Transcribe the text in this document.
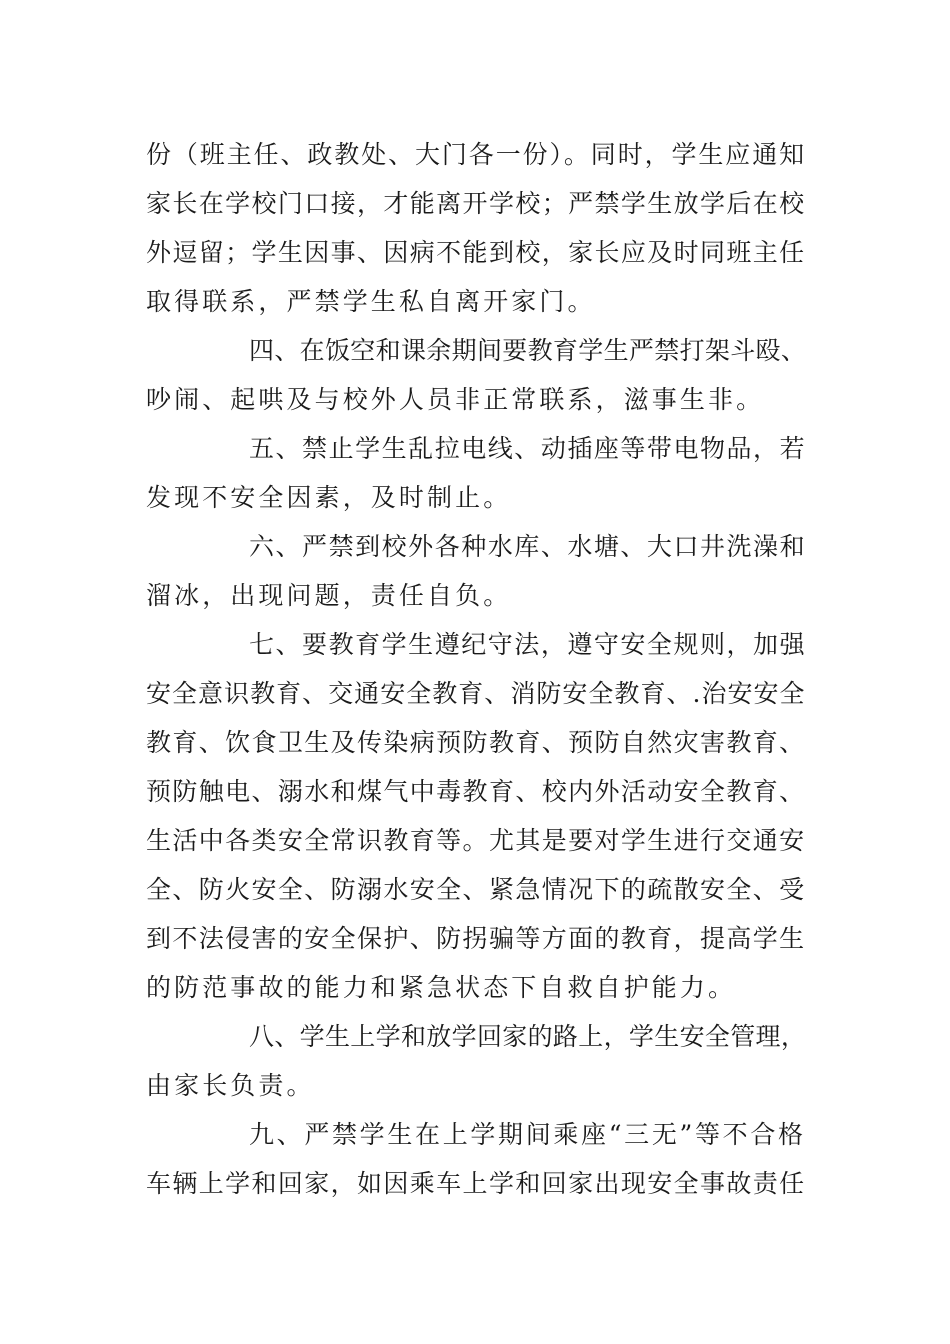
份（班主任、政教处、大门各一份）。同时，学生应通知
家长在学校门口接，才能离开学校；严禁学生放学后在校
外逗留；学生因事、因病不能到校，家长应及时同班主任
取得联系，严禁学生私自离开家门。
四、在饭空和课余期间要教育学生严禁打架斗殴、
吵闹、起哄及与校外人员非正常联系，滋事生非。
五、禁止学生乱拉电线、动插座等带电物品，若
发现不安全因素，及时制止。
六、严禁到校外各种水库、水塘、大口井洗澡和
溜冰，出现问题，责任自负。
七、要教育学生遵纪守法，遵守安全规则，加强
安全意识教育、交通安全教育、消防安全教育、.治安安全
教育、饮食卫生及传染病预防教育、预防自然灾害教育、
预防触电、溺水和煤气中毒教育、校内外活动安全教育、
生活中各类安全常识教育等。尤其是要对学生进行交通安
全、防火安全、防溺水安全、紧急情况下的疏散安全、受
到不法侵害的安全保护、防拐骗等方面的教育，提高学生
的防范事故的能力和紧急状态下自救自护能力。
八、学生上学和放学回家的路上，学生安全管理，
由家长负责。
九、严禁学生在上学期间乘座“三无”等不合格
车辆上学和回家，如因乘车上学和回家出现安全事故责任
